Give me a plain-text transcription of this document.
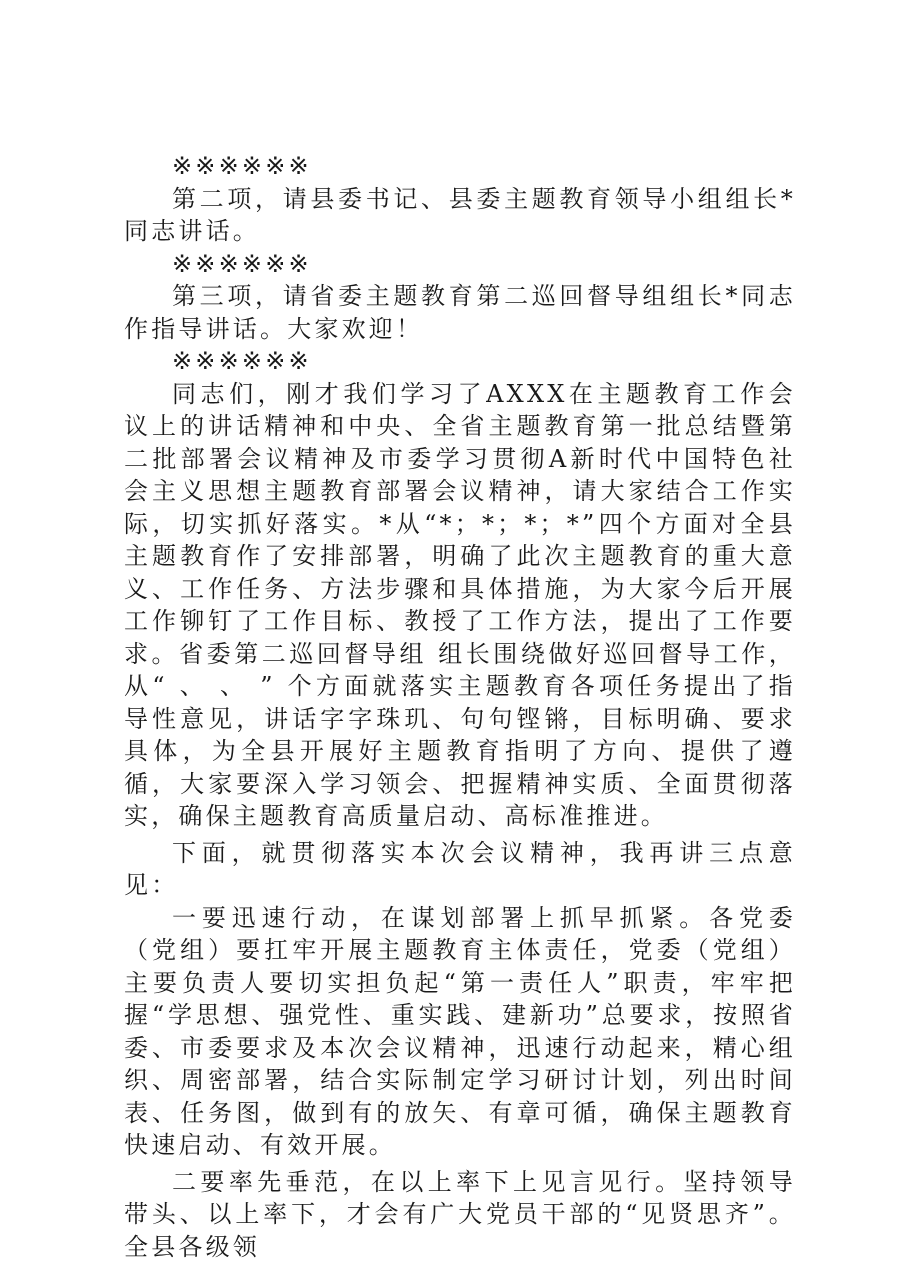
※※※※※※

第二项，请县委书记、县委主题教育领导小组组长*同志讲话。

※※※※※※

第三项，请省委主题教育第二巡回督导组组长*同志作指导讲话。大家欢迎！

※※※※※※

同志们，刚才我们学习了AXXX在主题教育工作会议上的讲话精神和中央、全省主题教育第一批总结暨第二批部署会议精神及市委学习贯彻A新时代中国特色社会主义思想主题教育部署会议精神，请大家结合工作实际，切实抓好落实。*从“*；*；*；*”四个方面对全县主题教育作了安排部署，明确了此次主题教育的重大意义、工作任务、方法步骤和具体措施，为大家今后开展工作铆钉了工作目标、教授了工作方法，提出了工作要求。省委第二巡回督导组 组长围绕做好巡回督导工作，从“ 、 、 ” 个方面就落实主题教育各项任务提出了指导性意见，讲话字字珠玑、句句铿锵，目标明确、要求具体，为全县开展好主题教育指明了方向、提供了遵循，大家要深入学习领会、把握精神实质、全面贯彻落实，确保主题教育高质量启动、高标准推进。

下面，就贯彻落实本次会议精神，我再讲三点意见：

一要迅速行动，在谋划部署上抓早抓紧。各党委（党组）要扛牢开展主题教育主体责任，党委（党组）主要负责人要切实担负起“第一责任人”职责，牢牢把握“学思想、强党性、重实践、建新功”总要求，按照省委、市委要求及本次会议精神，迅速行动起来，精心组织、周密部署，结合实际制定学习研讨计划，列出时间表、任务图，做到有的放矢、有章可循，确保主题教育快速启动、有效开展。

二要率先垂范，在以上率下上见言见行。坚持领导带头、以上率下，才会有广大党员干部的“见贤思齐”。全县各级领
